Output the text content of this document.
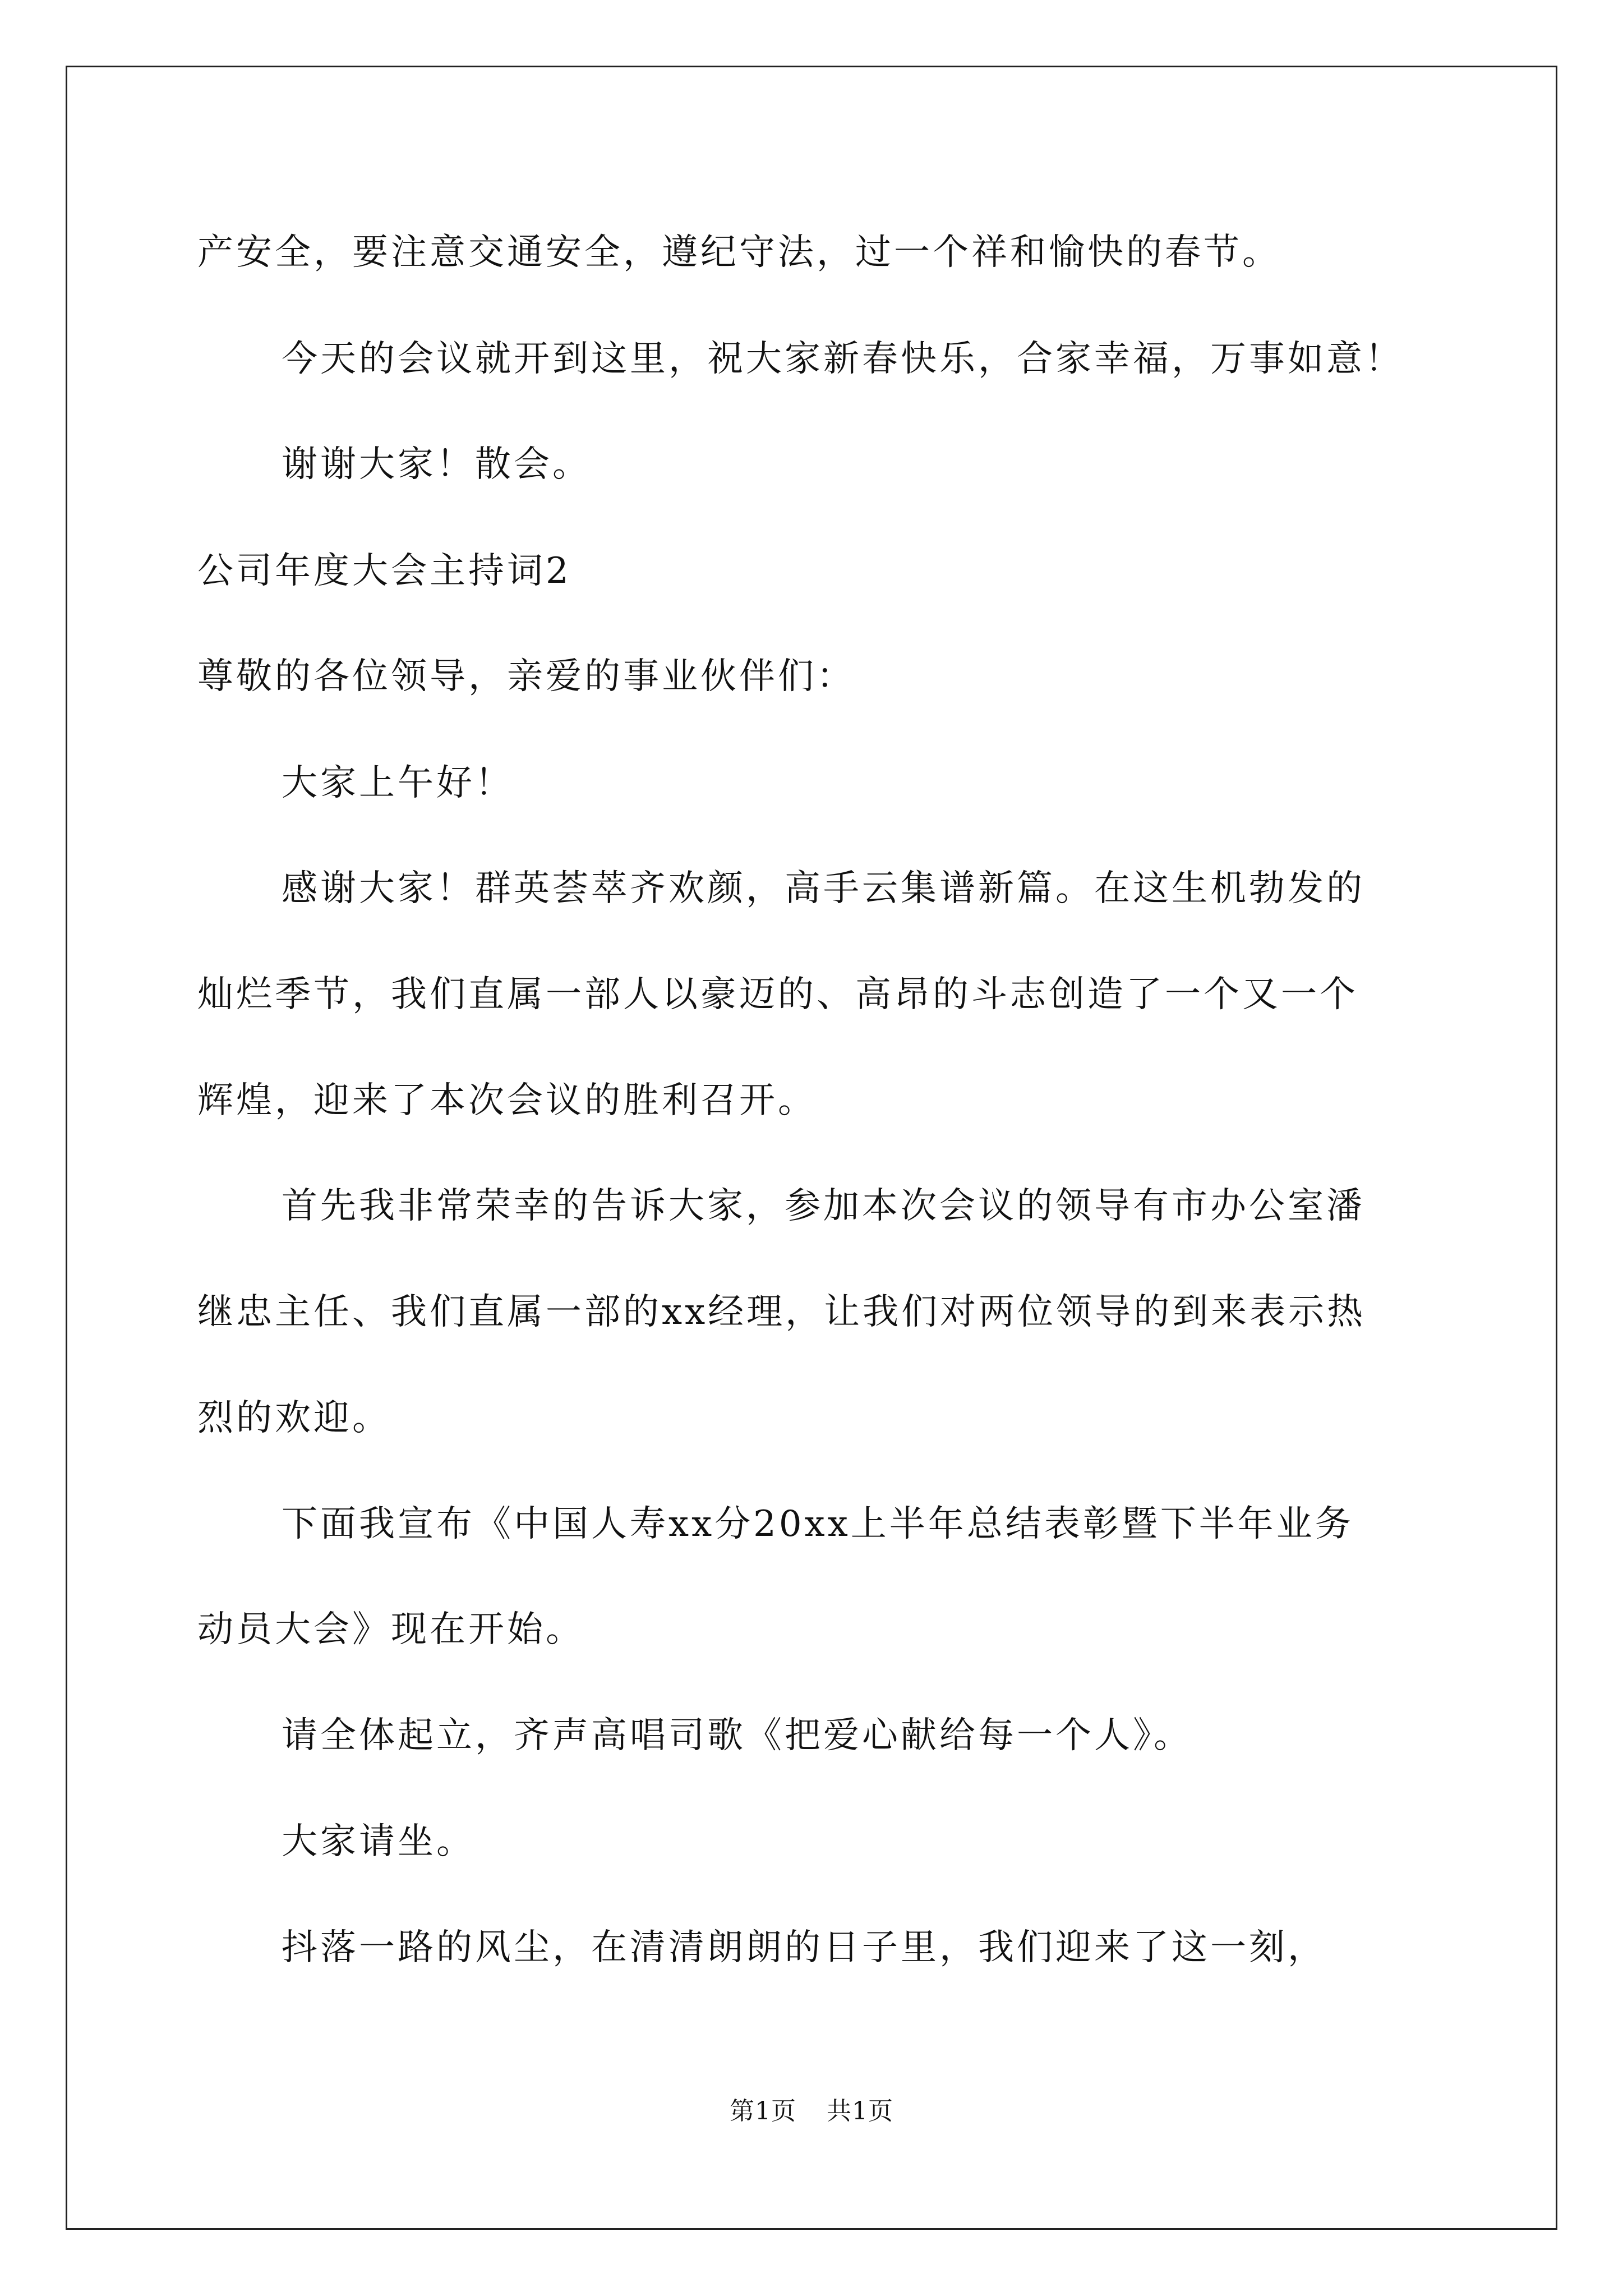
产安全，要注意交通安全，遵纪守法，过一个祥和愉快的春节。
今天的会议就开到这里，祝大家新春快乐，合家幸福，万事如意！
谢谢大家！散会。
公司年度大会主持词2
尊敬的各位领导，亲爱的事业伙伴们：
大家上午好！
感谢大家！群英荟萃齐欢颜，高手云集谱新篇。在这生机勃发的
灿烂季节，我们直属一部人以豪迈的、高昂的斗志创造了一个又一个
辉煌，迎来了本次会议的胜利召开。
首先我非常荣幸的告诉大家，参加本次会议的领导有市办公室潘
继忠主任、我们直属一部的xx经理，让我们对两位领导的到来表示热
烈的欢迎。
下面我宣布《中国人寿xx分20xx上半年总结表彰暨下半年业务
动员大会》现在开始。
请全体起立，齐声高唱司歌《把爱心献给每一个人》。
大家请坐。
抖落一路的风尘，在清清朗朗的日子里，我们迎来了这一刻，
第1页 共1页
